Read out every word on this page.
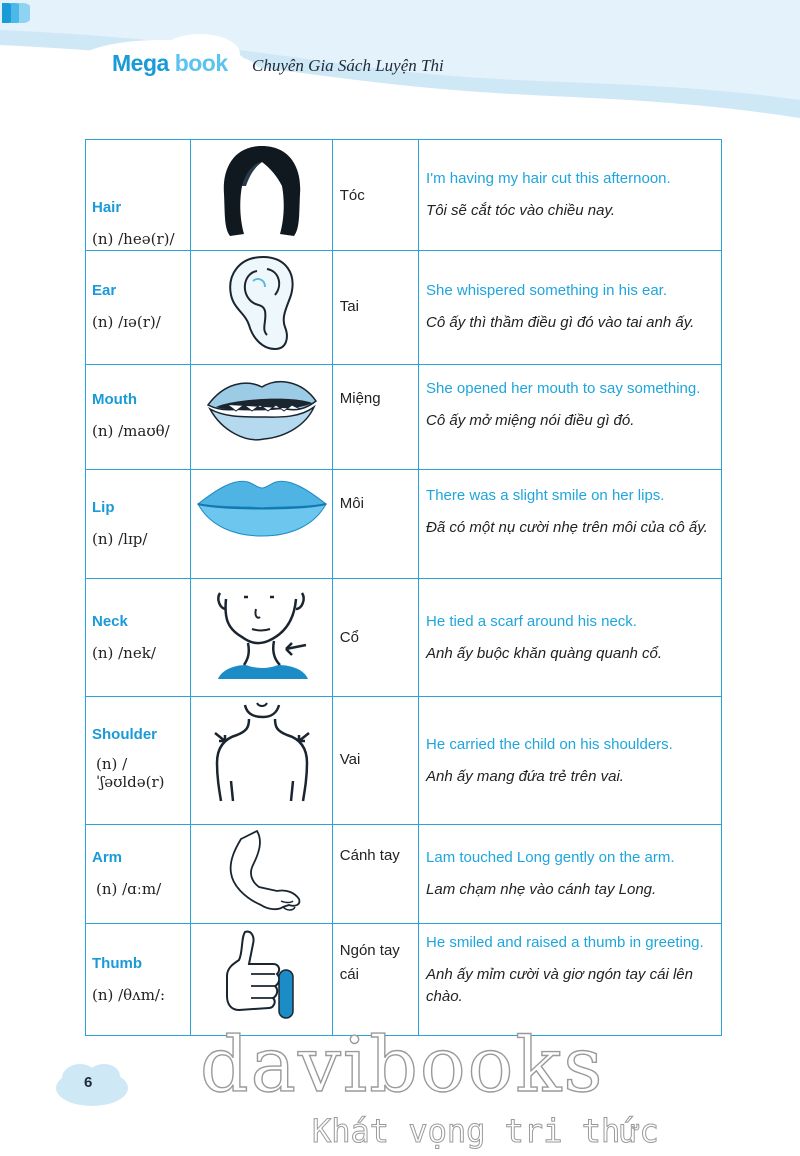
Mega book Chuyên Gia Sách Luyện Thi
Hair
(n) /heə(r)/		Tóc	I'm having my hair cut this afternoon.
Tôi sẽ cắt tóc vào chiều nay.

Ear
(n) /ɪə(r)/		Tai	She whispered something in his ear.
Cô ấy thì thầm điều gì đó vào tai anh ấy.

Mouth
(n) /maʊθ/		Miệng	She opened her mouth to say something.
Cô ấy mở miệng nói điều gì đó.

Lip
(n) /lɪp/		Môi	There was a slight smile on her lips.
Đã có một nụ cười nhẹ trên môi của cô ấy.

Neck
(n) /nek/		Cổ	He tied a scarf around his neck.
Anh ấy buộc khăn quàng quanh cổ.

Shoulder
(n) /ˈʃəʊldə(r)		Vai	He carried the child on his shoulders.
Anh ấy mang đứa trẻ trên vai.

Arm
(n) /ɑːm/		Cánh tay	Lam touched Long gently on the arm.
Lam chạm nhẹ vào cánh tay Long.

Thumb
(n) /θʌm/:		Ngón tay cái	He smiled and raised a thumb in greeting.
Anh ấy mỉm cười và giơ ngón tay cái lên chào.
6 davibooks
Khát vọng tri thức
